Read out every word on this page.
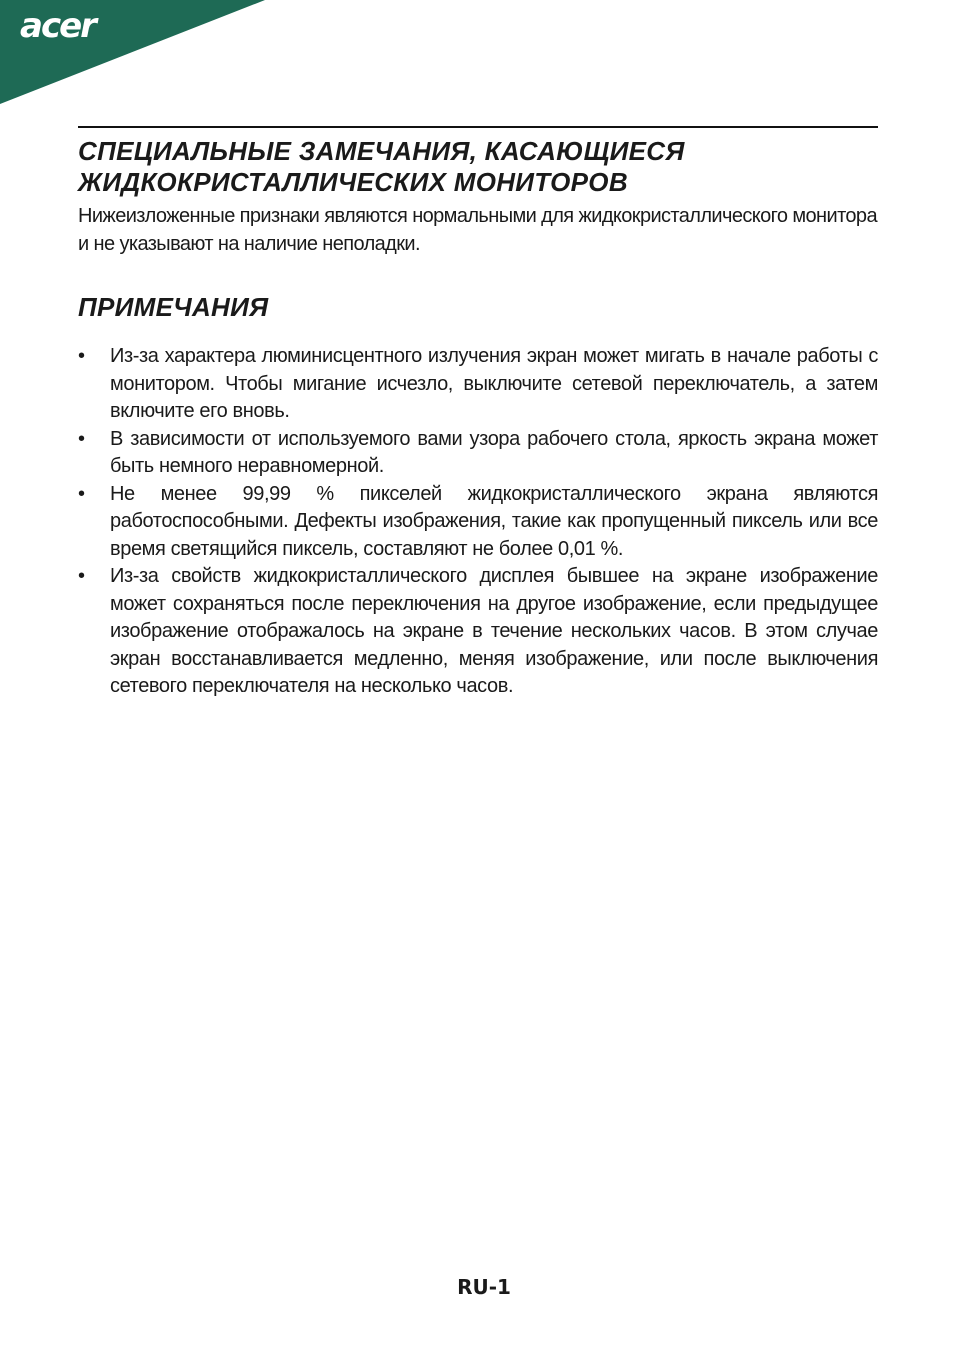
acer
СПЕЦИАЛЬНЫЕ ЗАМЕЧАНИЯ, КАСАЮЩИЕСЯ
ЖИДКОКРИСТАЛЛИЧЕСКИХ МОНИТОРОВ

Нижеизложенные признаки являются нормальными для жидкокристаллического монитора и не указывают на наличие неполадки.

ПРИМЕЧАНИЯ
• Из-за характера люминисцентного излучения экран может мигать в начале работы с монитором. Чтобы мигание исчезло, выключите сетевой переключатель, а затем включите его вновь.
• В зависимости от используемого вами узора рабочего стола, яркость экрана может быть немного неравномерной.
• Не менее 99,99 % пикселей жидкокристаллического экрана являются работоспособными. Дефекты изображения, такие как пропущенный пиксель или все время светящийся пиксель, составляют не более 0,01 %.
• Из-за свойств жидкокристаллического дисплея бывшее на экране изображение может сохраняться после переключения на другое изображение, если предыдущее изображение отображалось на экране в течение нескольких часов. В этом случае экран восстанавливается медленно, меняя изображение, или после выключения сетевого переключателя на несколько часов.
RU-1
